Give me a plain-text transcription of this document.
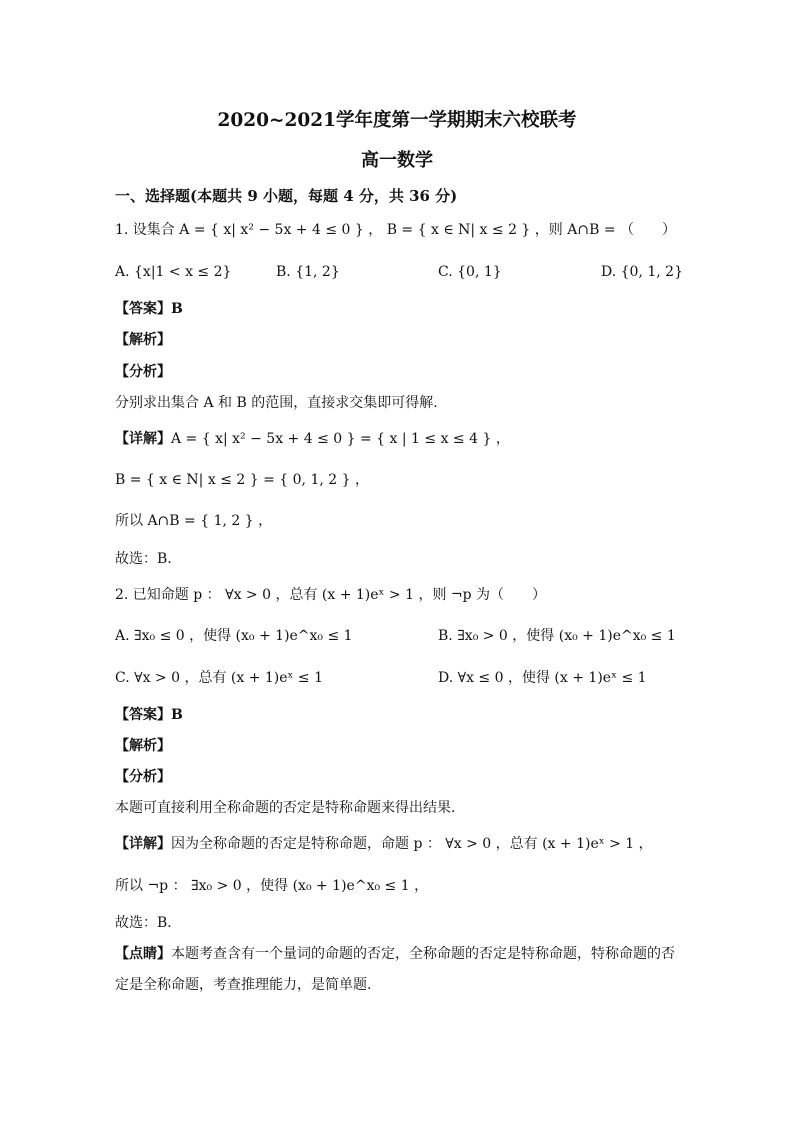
2020~2021学年度第一学期期末六校联考
高一数学
一、选择题(本题共 9 小题，每题 4 分，共 36 分)
1. 设集合 A = { x| x² − 5x + 4 ≤ 0 } ， B = { x ∈ N| x ≤ 2 } ，则 A∩B = （　　）
A. {x|1 < x ≤ 2}	B. {1, 2}	C. {0, 1}	D. {0, 1, 2}
【答案】B
【解析】
【分析】
分别求出集合 A 和 B 的范围，直接求交集即可得解.
【详解】A = { x| x² − 5x + 4 ≤ 0 } = { x | 1 ≤ x ≤ 4 } ，
B = { x ∈ N| x ≤ 2 } = { 0, 1, 2 } ，
所以 A∩B = { 1, 2 } ，
故选：B.
2. 已知命题 p ： ∀x > 0 ，总有 (x + 1)eˣ > 1 ，则 ¬p 为（　　）
A. ∃x₀ ≤ 0 ，使得 (x₀ + 1)e^x₀ ≤ 1	B. ∃x₀ > 0 ，使得 (x₀ + 1)e^x₀ ≤ 1
C. ∀x > 0 ，总有 (x + 1)eˣ ≤ 1	D. ∀x ≤ 0 ，使得 (x + 1)eˣ ≤ 1
【答案】B
【解析】
【分析】
本题可直接利用全称命题的否定是特称命题来得出结果.
【详解】因为全称命题的否定是特称命题，命题 p ： ∀x > 0 ，总有 (x + 1)eˣ > 1 ，
所以 ¬p ： ∃x₀ > 0 ，使得 (x₀ + 1)e^x₀ ≤ 1 ，
故选：B．
【点睛】本题考查含有一个量词的命题的否定，全称命题的否定是特称命题，特称命题的否
定是全称命题，考查推理能力，是简单题.
